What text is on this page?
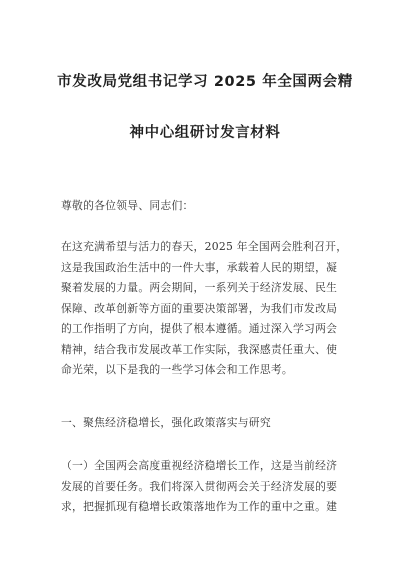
市发改局党组书记学习 2025 年全国两会精
神中心组研讨发言材料
尊敬的各位领导、同志们：
在这充满希望与活力的春天，2025 年全国两会胜利召开，
这是我国政治生活中的一件大事，承载着人民的期望，凝
聚着发展的力量。两会期间，一系列关于经济发展、民生
保障、改革创新等方面的重要决策部署，为我们市发改局
的工作指明了方向，提供了根本遵循。通过深入学习两会
精神，结合我市发展改革工作实际，我深感责任重大、使
命光荣，以下是我的一些学习体会和工作思考。
一、聚焦经济稳增长，强化政策落实与研究
（一）全国两会高度重视经济稳增长工作，这是当前经济
发展的首要任务。我们将深入贯彻两会关于经济发展的要
求，把握抓现有稳增长政策落地作为工作的重中之重。建
